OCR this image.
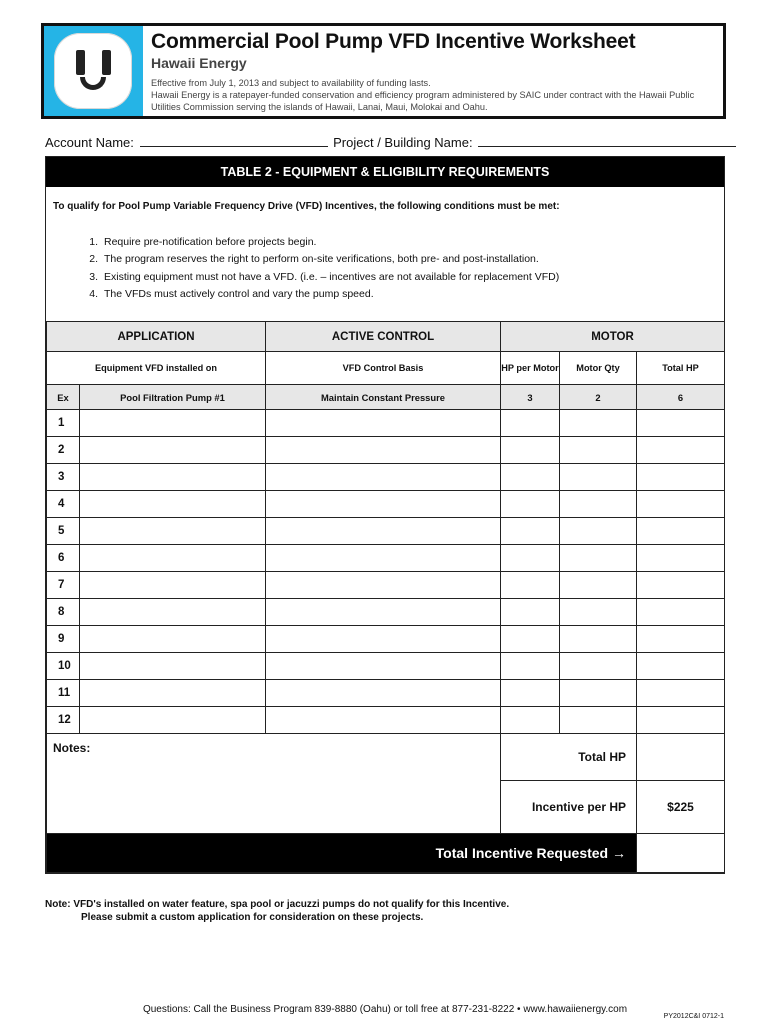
Commercial Pool Pump VFD Incentive Worksheet
Hawaii Energy
Effective from July 1, 2013 and subject to availability of funding lasts.
Hawaii Energy is a ratepayer-funded conservation and efficiency program administered by SAIC under contract with the Hawaii Public Utilities Commission serving the islands of Hawaii, Lanai, Maui, Molokai and Oahu.
Account Name:	Project / Building Name:
TABLE 2 - EQUIPMENT & ELIGIBILITY REQUIREMENTS
To qualify for Pool Pump Variable Frequency Drive (VFD) Incentives, the following conditions must be met:
1. Require pre-notification before projects begin.
2. The program reserves the right to perform on-site verifications, both pre- and post-installation.
3. Existing equipment must not have a VFD. (i.e. – incentives are not available for replacement VFD)
4. The VFDs must actively control and vary the pump speed.
APPLICATION		ACTIVE CONTROL	MOTOR		
Equipment VFD installed on		VFD Control Basis	HP per Motor	Motor Qty	Total HP
Ex	Pool Filtration Pump #1	Maintain Constant Pressure	3	2	6
1					
2					
3					
4					
5					
6					
7					
8					
9					
10					
11					
12					
Notes:			Total HP		
			Incentive per HP		$225
Total Incentive Requested →					
Note: VFD's installed on water feature, spa pool or jacuzzi pumps do not qualify for this Incentive.
Please submit a custom application for consideration on these projects.
Questions: Call the Business Program 839-8880 (Oahu) or toll free at 877-231-8222 • www.hawaiienergy.com
PY2012C&I 0712-1
